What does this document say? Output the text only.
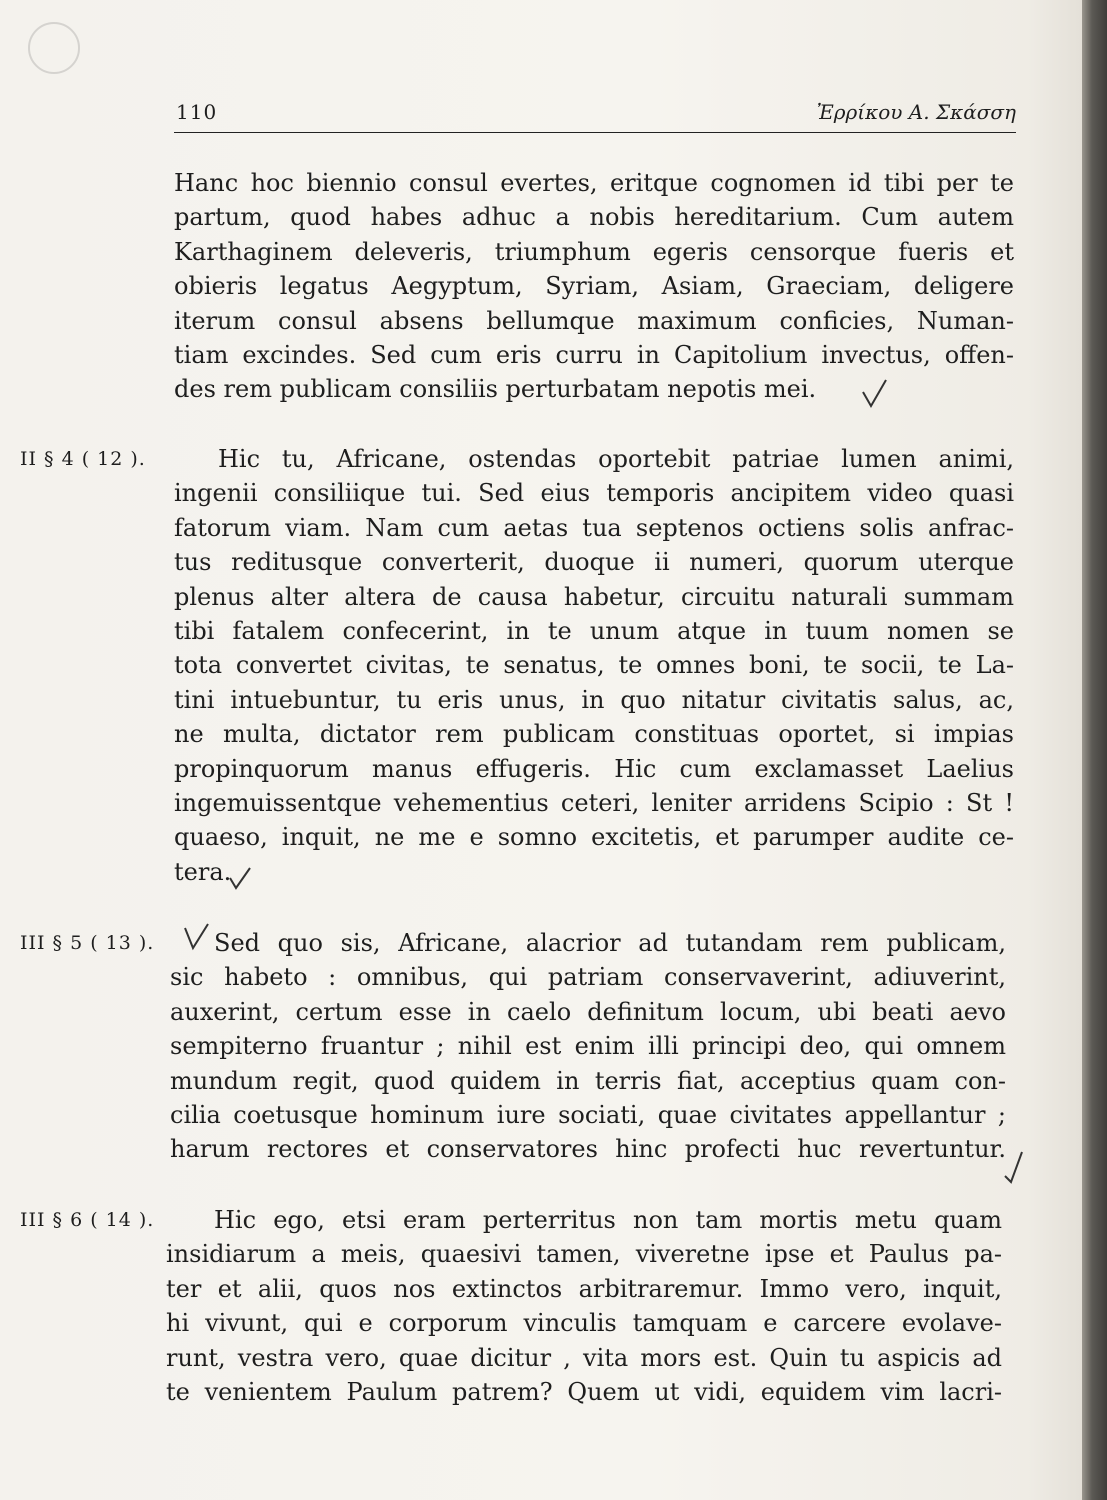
110	Ἐρρίκου Α. Σκάσση
Hanc hoc biennio consul evertes, eritque cognomen id tibi per te
partum, quod habes adhuc a nobis hereditarium. Cum autem
Karthaginem deleveris, triumphum egeris censorque fueris et
obieris legatus Aegyptum, Syriam, Asiam, Graeciam, deligere
iterum consul absens bellumque maximum conficies, Numan-
tiam excindes. Sed cum eris curru in Capitolium invectus, offen-
des rem publicam consiliis perturbatam nepotis mei.
II § 4 ( 12 ).	Hic tu, Africane, ostendas oportebit patriae lumen animi,
ingenii consiliique tui. Sed eius temporis ancipitem video quasi
fatorum viam. Nam cum aetas tua septenos octiens solis anfrac-
tus reditusque converterit, duoque ii numeri, quorum uterque
plenus alter altera de causa habetur, circuitu naturali summam
tibi fatalem confecerint, in te unum atque in tuum nomen se
tota convertet civitas, te senatus, te omnes boni, te socii, te La-
tini intuebuntur, tu eris unus, in quo nitatur civitatis salus, ac,
ne multa, dictator rem publicam constituas oportet, si impias
propinquorum manus effugeris. Hic cum exclamasset Laelius
ingemuissentque vehementius ceteri, leniter arridens Scipio : St !
quaeso, inquit, ne me e somno excitetis, et parumper audite ce-
tera.
III § 5 ( 13 ).	Sed quo sis, Africane, alacrior ad tutandam rem publicam,
sic habeto : omnibus, qui patriam conservaverint, adiuverint,
auxerint, certum esse in caelo definitum locum, ubi beati aevo
sempiterno fruantur ; nihil est enim illi principi deo, qui omnem
mundum regit, quod quidem in terris fiat, acceptius quam con-
cilia coetusque hominum iure sociati, quae civitates appellantur ;
harum rectores et conservatores hinc profecti huc revertuntur.
III § 6 ( 14 ).	Hic ego, etsi eram perterritus non tam mortis metu quam
insidiarum a meis, quaesivi tamen, viveretne ipse et Paulus pa-
ter et alii, quos nos extinctos arbitraremur. Immo vero, inquit,
hi vivunt, qui e corporum vinculis tamquam e carcere evolave-
runt, vestra vero, quae dicitur , vita mors est. Quin tu aspicis ad
te venientem Paulum patrem? Quem ut vidi, equidem vim lacri-
